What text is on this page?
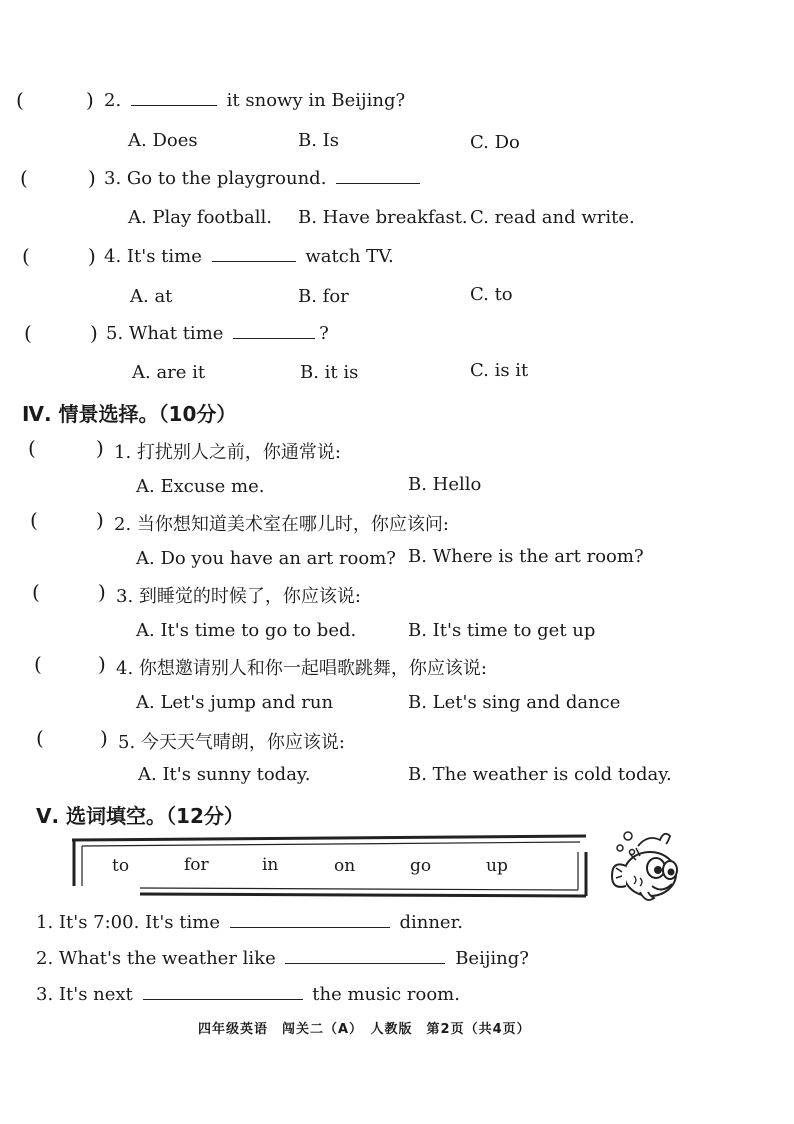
(	) 2.	it snowy in Beijing?
A. Does	B. Is	C. Do
(	) 3. Go to the playground.
A. Play football. B. Have breakfast. C. read and write.
(	) 4. It's time	watch TV.
A. at	B. for	C. to
(	) 5. What time	?
A. are it	B. it is	C. is it
Ⅳ. 情景选择。（10分）
(	) 1. 打扰别人之前，你通常说:
A. Excuse me.	B. Hello
(	) 2. 当你想知道美术室在哪儿时，你应该问:
A. Do you have an art room? B. Where is the art room?
(	) 3. 到睡觉的时候了，你应该说:
A. It's time to go to bed.	B. It's time to get up
(	) 4. 你想邀请别人和你一起唱歌跳舞，你应该说:
A. Let's jump and run	B. Let's sing and dance
(	) 5. 今天天气晴朗，你应该说:
A. It's sunny today.	B. The weather is cold today.
Ⅴ. 选词填空。（12分）
to	for	in	on	go	up
1. It's 7:00. It's time	dinner.
2. What's the weather like	Beijing?
3. It's next	the music room.
四年级英语　闯关二（A）　人教版　第2页（共4页）
